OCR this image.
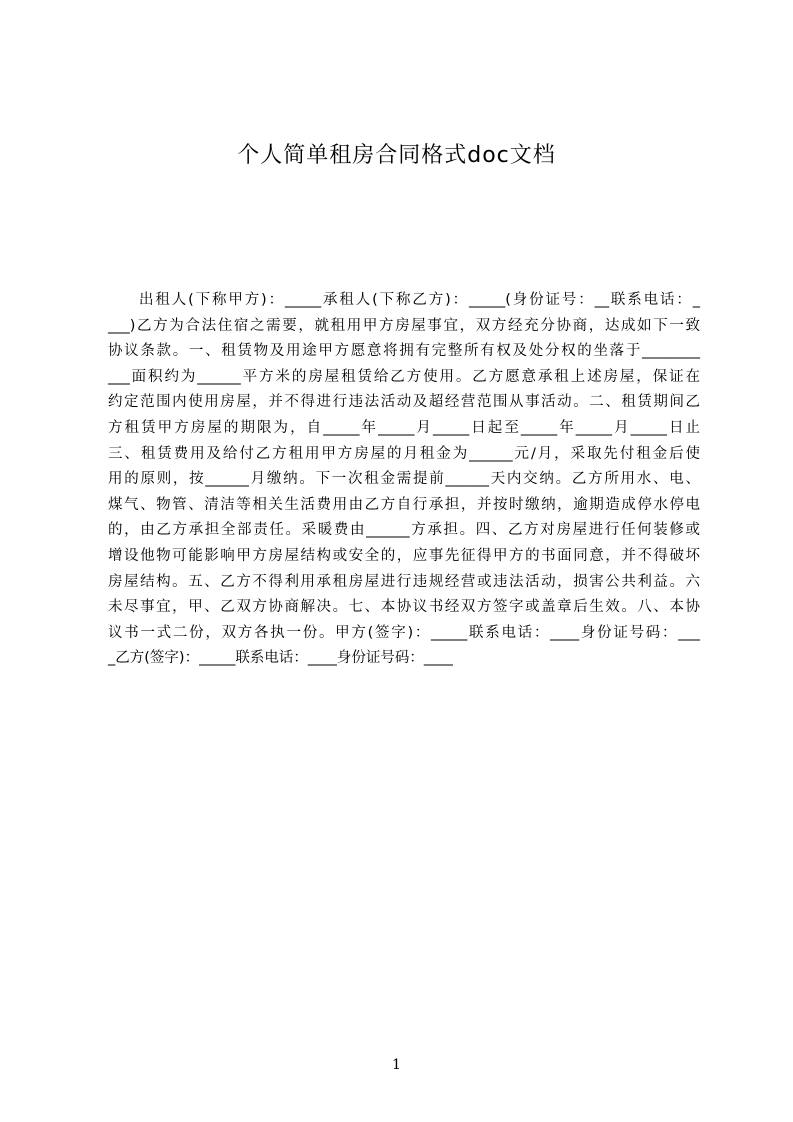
个人简单租房合同格式doc文档
出租人(下称甲方)：_____承租人(下称乙方)：_____(身份证号：__联系电话：_
___)乙方为合法住宿之需要，就租用甲方房屋事宜，双方经充分协商，达成如下一致
协议条款。一、租赁物及用途甲方愿意将拥有完整所有权及处分权的坐落于________
___面积约为______平方米的房屋租赁给乙方使用。乙方愿意承租上述房屋，保证在
约定范围内使用房屋，并不得进行违法活动及超经营范围从事活动。二、租赁期间乙
方租赁甲方房屋的期限为，自_____年_____月_____日起至_____年_____月_____日止
三、租赁费用及给付乙方租用甲方房屋的月租金为______元/月，采取先付租金后使
用的原则，按______月缴纳。下一次租金需提前______天内交纳。乙方所用水、电、
煤气、物管、清洁等相关生活费用由乙方自行承担，并按时缴纳，逾期造成停水停电
的，由乙方承担全部责任。采暖费由______方承担。四、乙方对房屋进行任何装修或
增设他物可能影响甲方房屋结构或安全的，应事先征得甲方的书面同意，并不得破坏
房屋结构。五、乙方不得利用承租房屋进行违规经营或违法活动，损害公共利益。六
未尽事宜，甲、乙双方协商解决。七、本协议书经双方签字或盖章后生效。八、本协
议书一式二份，双方各执一份。甲方(签字)：_____联系电话：____身份证号码：___
_乙方(签字)：_____联系电话：____身份证号码：____
1
